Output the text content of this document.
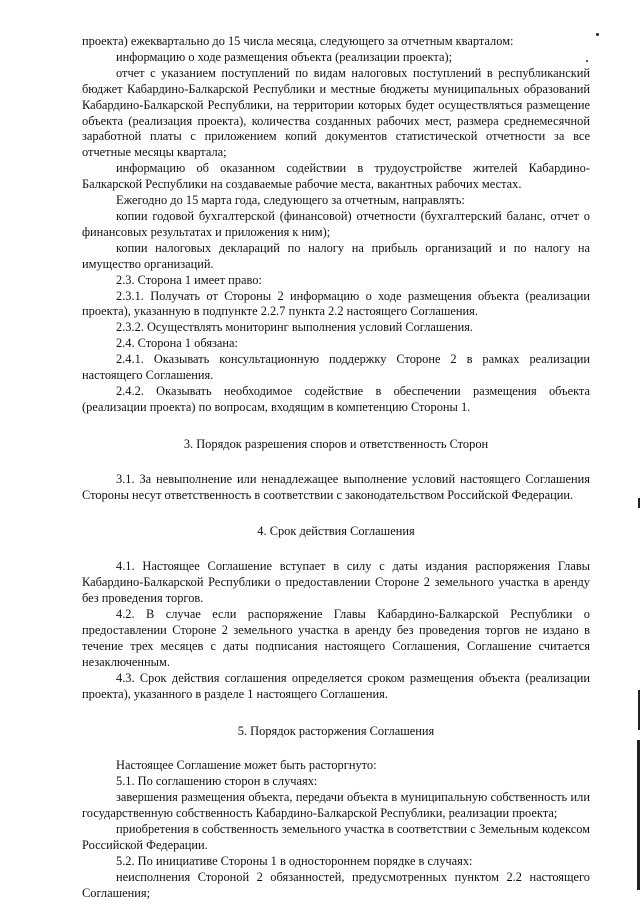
проекта) ежеквартально до 15 числа месяца, следующего за отчетным кварталом:

информацию о ходе размещения объекта (реализации проекта);

отчет с указанием поступлений по видам налоговых поступлений в республиканский бюджет Кабардино-Балкарской Республики и местные бюджеты муниципальных образований Кабардино-Балкарской Республики, на территории которых будет осуществляться размещение объекта (реализация проекта), количества созданных рабочих мест, размера среднемесячной заработной платы с приложением копий документов статистической отчетности за все отчетные месяцы квартала;

информацию об оказанном содействии в трудоустройстве жителей Кабардино-Балкарской Республики на создаваемые рабочие места, вакантных рабочих местах.

Ежегодно до 15 марта года, следующего за отчетным, направлять:

копии годовой бухгалтерской (финансовой) отчетности (бухгалтерский баланс, отчет о финансовых результатах и приложения к ним);

копии налоговых деклараций по налогу на прибыль организаций и по налогу на имущество организаций.

2.3. Сторона 1 имеет право:

2.3.1. Получать от Стороны 2 информацию о ходе размещения объекта (реализации проекта), указанную в подпункте 2.2.7 пункта 2.2 настоящего Соглашения.

2.3.2. Осуществлять мониторинг выполнения условий Соглашения.

2.4. Сторона 1 обязана:

2.4.1. Оказывать консультационную поддержку Стороне 2 в рамках реализации настоящего Соглашения.

2.4.2. Оказывать необходимое содействие в обеспечении размещения объекта (реализации проекта) по вопросам, входящим в компетенцию Стороны 1.

3. Порядок разрешения споров и ответственность Сторон

3.1. За невыполнение или ненадлежащее выполнение условий настоящего Соглашения Стороны несут ответственность в соответствии с законодательством Российской Федерации.

4. Срок действия Соглашения

4.1. Настоящее Соглашение вступает в силу с даты издания распоряжения Главы Кабардино-Балкарской Республики о предоставлении Стороне 2 земельного участка в аренду без проведения торгов.

4.2. В случае если распоряжение Главы Кабардино-Балкарской Республики о предоставлении Стороне 2 земельного участка в аренду без проведения торгов не издано в течение трех месяцев с даты подписания настоящего Соглашения, Соглашение считается незаключенным.

4.3. Срок действия соглашения определяется сроком размещения объекта (реализации проекта), указанного в разделе 1 настоящего Соглашения.

5. Порядок расторжения Соглашения

Настоящее Соглашение может быть расторгнуто:

5.1. По соглашению сторон в случаях:

завершения размещения объекта, передачи объекта в муниципальную собственность или государственную собственность Кабардино-Балкарской Республики, реализации проекта;

приобретения в собственность земельного участка в соответствии с Земельным кодексом Российской Федерации.

5.2. По инициативе Стороны 1 в одностороннем порядке в случаях:

неисполнения Стороной 2 обязанностей, предусмотренных пунктом 2.2 настоящего Соглашения;
